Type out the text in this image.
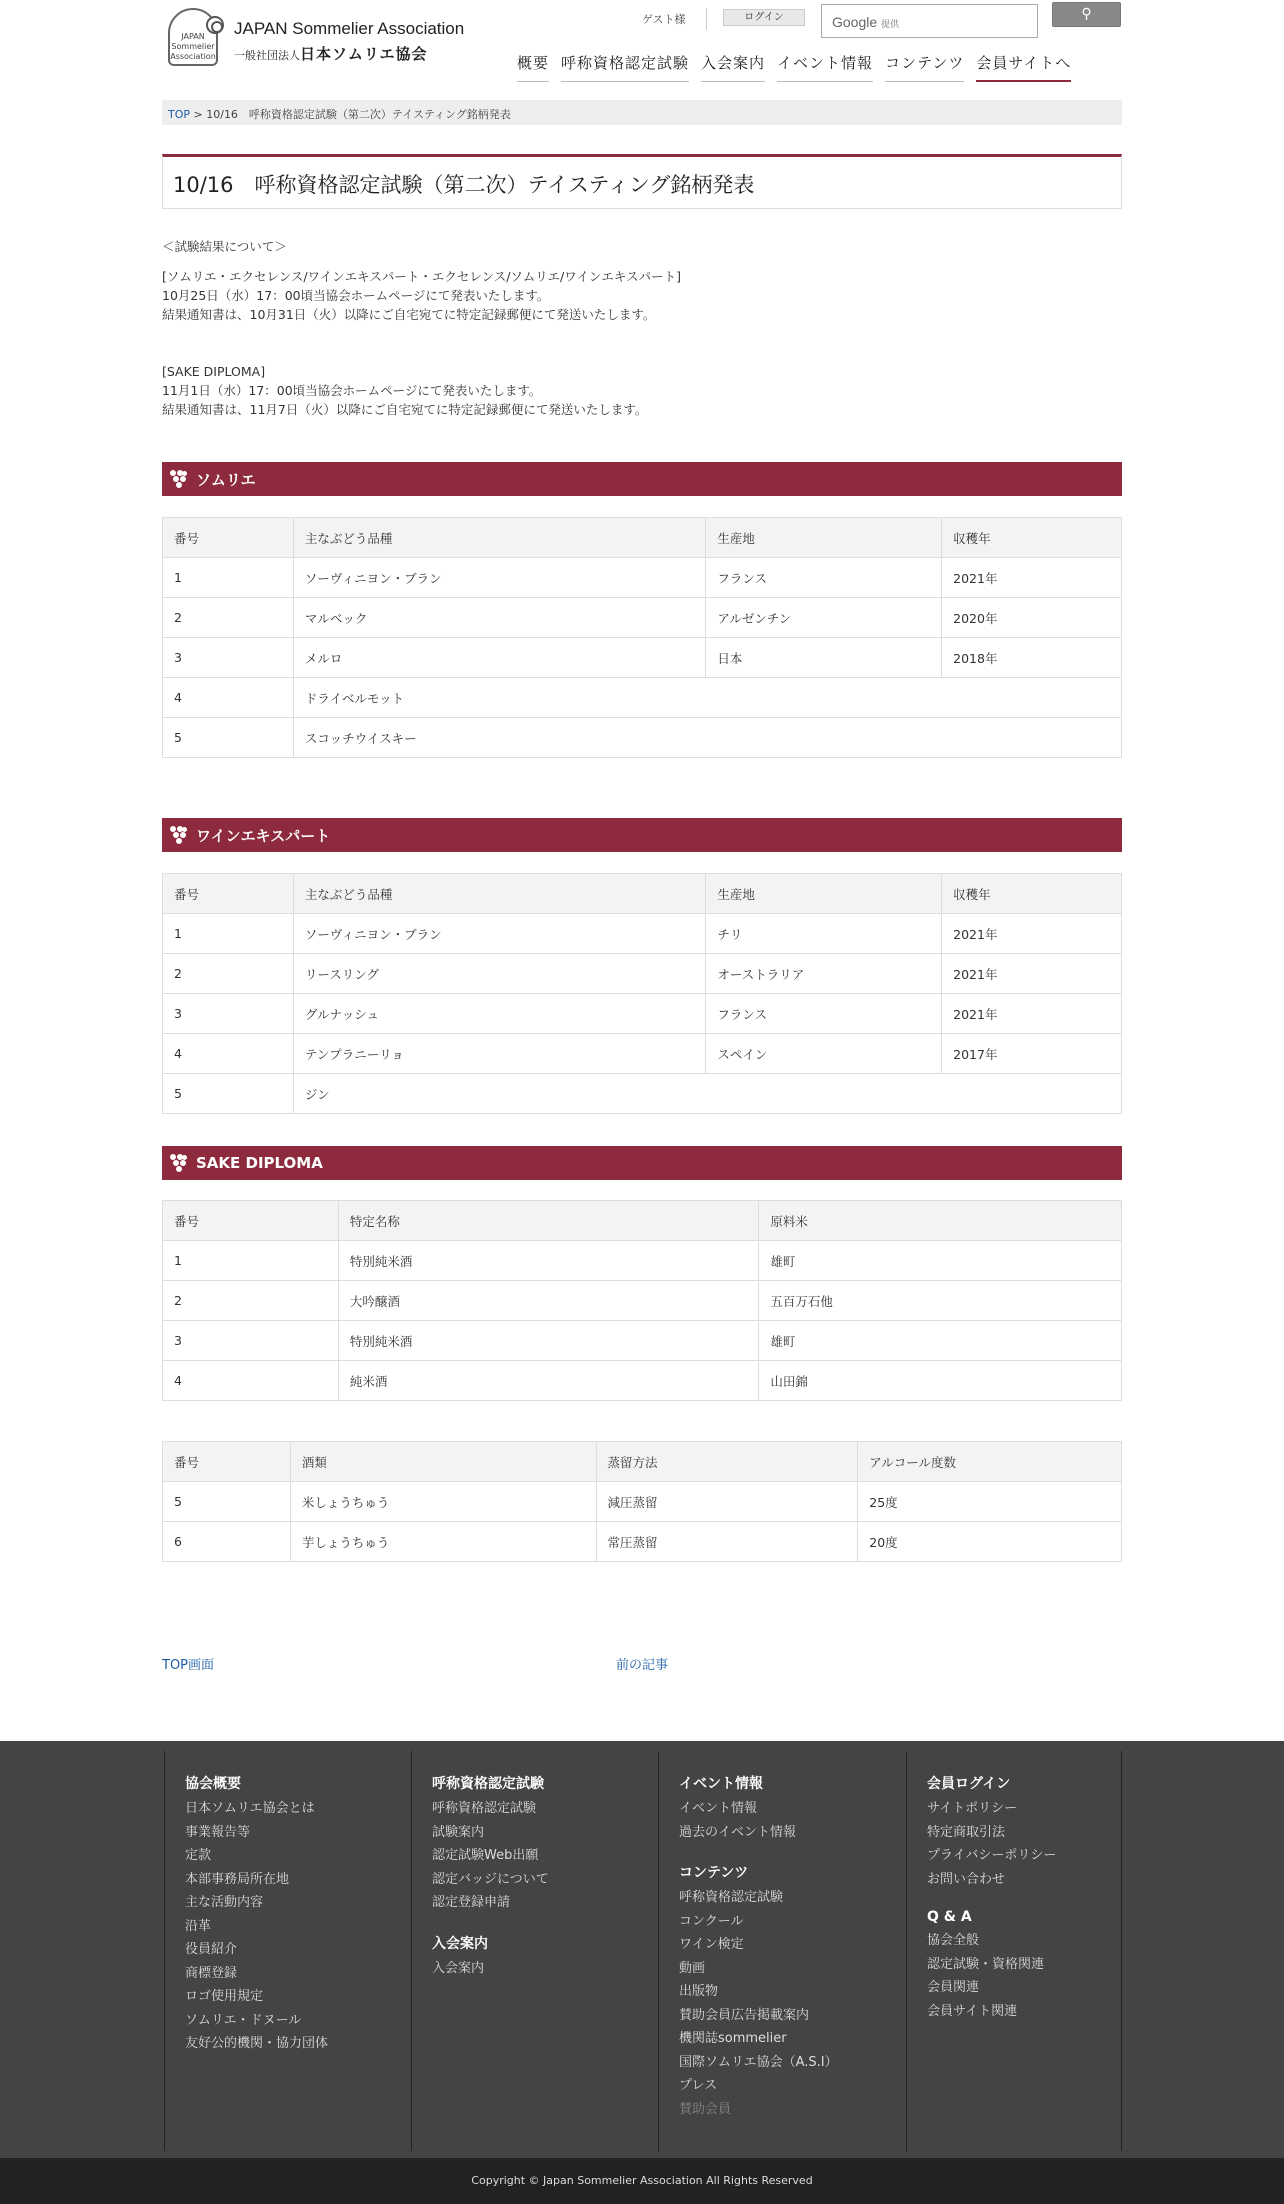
JAPAN
Sommelier
Association
JAPAN Sommelier Association
一般社団法人日本ソムリエ協会
ゲスト様	ログイン	Google 提供
⚲
概要 呼称資格認定試験 入会案内 イベント情報 コンテンツ 会員サイトへ
TOP > 10/16　呼称資格認定試験（第二次）テイスティング銘柄発表
10/16　呼称資格認定試験（第二次）テイスティング銘柄発表

＜試験結果について＞

[ソムリエ・エクセレンス/ワインエキスパート・エクセレンス/ソムリエ/ワインエキスパート]

10月25日（水）17：00頃当協会ホームページにて発表いたします。

結果通知書は、10月31日（火）以降にご自宅宛てに特定記録郵便にて発送いたします。

[SAKE DIPLOMA]

11月1日（水）17：00頃当協会ホームページにて発表いたします。

結果通知書は、11月7日（火）以降にご自宅宛てに特定記録郵便にて発送いたします。

ソムリエ
番号	主なぶどう品種	生産地	収穫年
1	ソーヴィニヨン・ブラン	フランス	2021年
2	マルベック	アルゼンチン	2020年
3	メルロ	日本	2018年
4	ドライベルモット		
5	スコッチウイスキー		
ワインエキスパート
番号	主なぶどう品種	生産地	収穫年
1	ソーヴィニヨン・ブラン	チリ	2021年
2	リースリング	オーストラリア	2021年
3	グルナッシュ	フランス	2021年
4	テンプラニーリョ	スペイン	2017年
5	ジン		
SAKE DIPLOMA
番号	特定名称	原料米
1	特別純米酒	雄町
2	大吟醸酒	五百万石他
3	特別純米酒	雄町
4	純米酒	山田錦
番号	酒類	蒸留方法	アルコール度数
5	米しょうちゅう	減圧蒸留	25度
6	芋しょうちゅう	常圧蒸留	20度
TOP画面	前の記事
協会概要
日本ソムリエ協会とは
事業報告等
定款
本部事務局所在地
主な活動内容
沿革
役員紹介
商標登録
ロゴ使用規定
ソムリエ・ドヌール
友好公的機関・協力団体
呼称資格認定試験
呼称資格認定試験
試験案内
認定試験Web出願
認定バッジについて
認定登録申請
入会案内
入会案内
イベント情報
イベント情報
過去のイベント情報
コンテンツ
呼称資格認定試験
コンクール
ワイン検定
動画
出版物
賛助会員広告掲載案内
機関誌sommelier
国際ソムリエ協会（A.S.I）
プレス
賛助会員
会員ログイン
サイトポリシー
特定商取引法
プライバシーポリシー
お問い合わせ
Q & A
協会全般
認定試験・資格関連
会員関連
会員サイト関連
Copyright © Japan Sommelier Association All Rights Reserved
